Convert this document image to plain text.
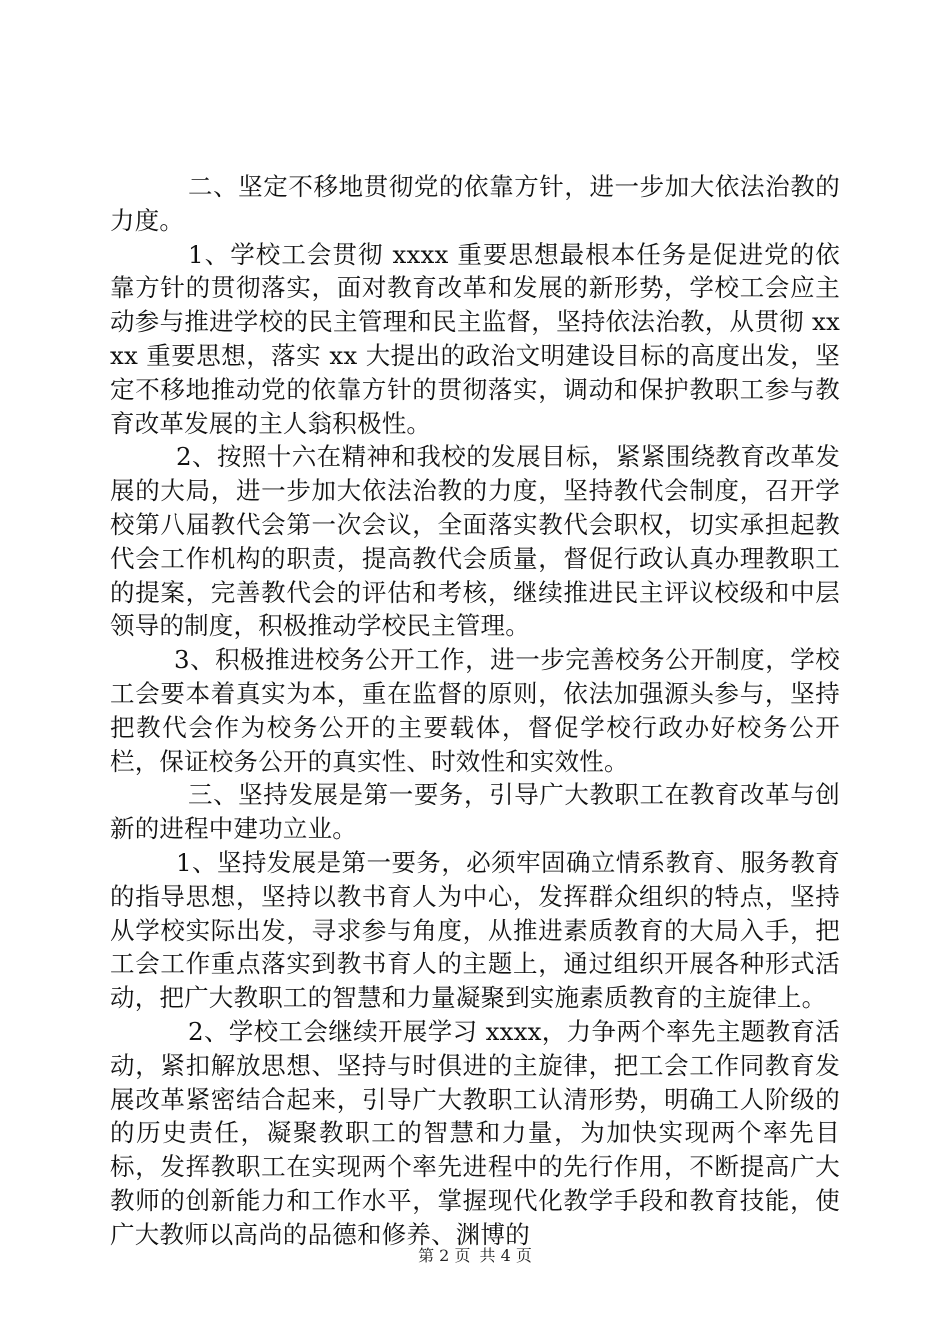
二、坚定不移地贯彻党的依靠方针，进一步加大依法治教的力度。

1、学校工会贯彻 xxxx 重要思想最根本任务是促进党的依靠方针的贯彻落实，面对教育改革和发展的新形势，学校工会应主动参与推进学校的民主管理和民主监督，坚持依法治教，从贯彻 xxxx 重要思想，落实 xx 大提出的政治文明建设目标的高度出发，坚定不移地推动党的依靠方针的贯彻落实，调动和保护教职工参与教育改革发展的主人翁积极性。

2、按照十六在精神和我校的发展目标，紧紧围绕教育改革发展的大局，进一步加大依法治教的力度，坚持教代会制度，召开学校第八届教代会第一次会议，全面落实教代会职权，切实承担起教代会工作机构的职责，提高教代会质量，督促行政认真办理教职工的提案，完善教代会的评估和考核，继续推进民主评议校级和中层领导的制度，积极推动学校民主管理。

3、积极推进校务公开工作，进一步完善校务公开制度，学校工会要本着真实为本，重在监督的原则，依法加强源头参与，坚持把教代会作为校务公开的主要载体，督促学校行政办好校务公开栏，保证校务公开的真实性、时效性和实效性。

三、坚持发展是第一要务，引导广大教职工在教育改革与创新的进程中建功立业。

1、坚持发展是第一要务，必须牢固确立情系教育、服务教育的指导思想，坚持以教书育人为中心，发挥群众组织的特点，坚持从学校实际出发，寻求参与角度，从推进素质教育的大局入手，把工会工作重点落实到教书育人的主题上，通过组织开展各种形式活动，把广大教职工的智慧和力量凝聚到实施素质教育的主旋律上。

2、学校工会继续开展学习 xxxx，力争两个率先主题教育活动，紧扣解放思想、坚持与时俱进的主旋律，把工会工作同教育发展改革紧密结合起来，引导广大教职工认清形势，明确工人阶级的的历史责任，凝聚教职工的智慧和力量，为加快实现两个率先目标，发挥教职工在实现两个率先进程中的先行作用，不断提高广大教师的创新能力和工作水平，掌握现代化教学手段和教育技能，使广大教师以高尚的品德和修养、渊博的

第 2 页 共 4 页
